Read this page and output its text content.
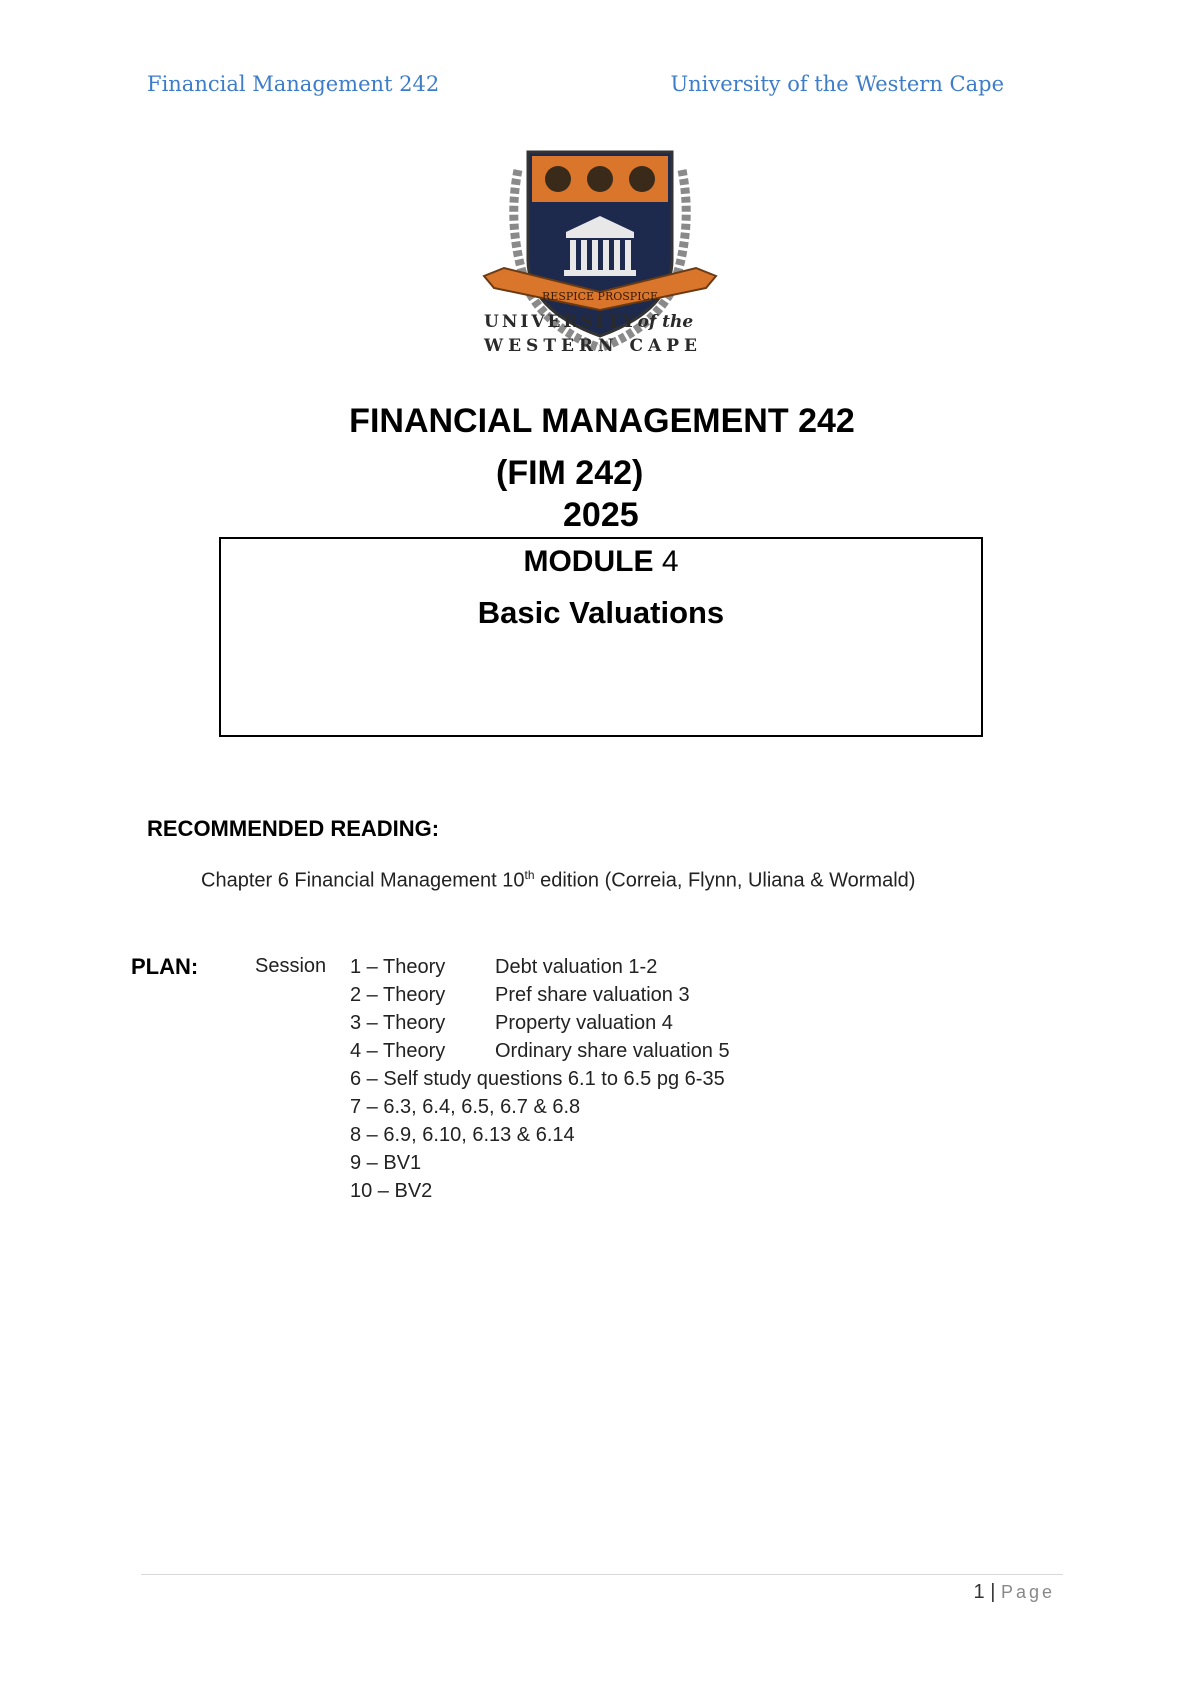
Financial Management 242	University of the Western Cape
RESPICE PROSPICE
UNIVERSITYof the
WESTERN CAPE
FINANCIAL MANAGEMENT 242
(FIM 242)
2025
MODULE 4
Basic Valuations
RECOMMENDED READING:
Chapter 6 Financial Management 10th edition (Correia, Flynn, Uliana & Wormald)
PLAN:	Session 1 – Theory Debt valuation 1-2
2 – Theory Pref share valuation 3
3 – Theory Property valuation 4
4 – Theory Ordinary share valuation 5
6 – Self study questions 6.1 to 6.5 pg 6-35
7 – 6.3, 6.4, 6.5, 6.7 & 6.8
8 – 6.9, 6.10, 6.13 & 6.14
9 – BV1
10 – BV2
1 | Page
